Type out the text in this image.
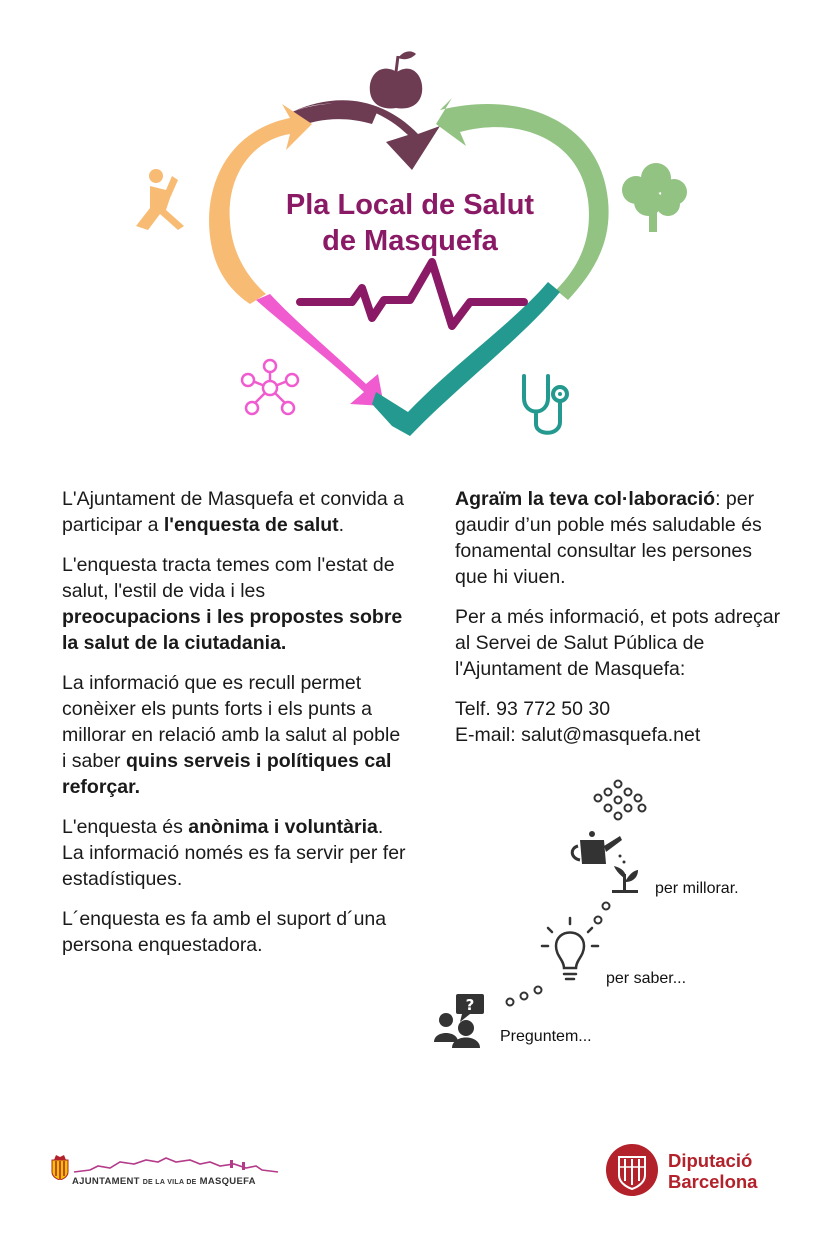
Pla Local de Salut
de Masquefa

L'Ajuntament de Masquefa et convida a participar a l'enquesta de salut.

L'enquesta tracta temes com l'estat de salut, l'estil de vida i les preocupacions i les propostes sobre la salut de la ciutadania.

La informació que es recull permet conèixer els punts forts i els punts a millorar en relació amb la salut al poble i saber quins serveis i polítiques cal reforçar.

L'enquesta és anònima i voluntària. La informació només es fa servir per fer estadístiques.

L´enquesta es fa amb el suport d´una persona enquestadora.

Agraïm la teva col·laboració: per gaudir d’un poble més saludable és fonamental consultar les persones que hi viuen.

Per a més informació, et pots adreçar al Servei de Salut Pública de l'Ajuntament de Masquefa:

Telf. 93 772 50 30
E-mail: salut@masquefa.net

?
Preguntem...
per saber...
per millorar.
AJUNTAMENT DE LA VILA DE MASQUEFA
Diputació
Barcelona
